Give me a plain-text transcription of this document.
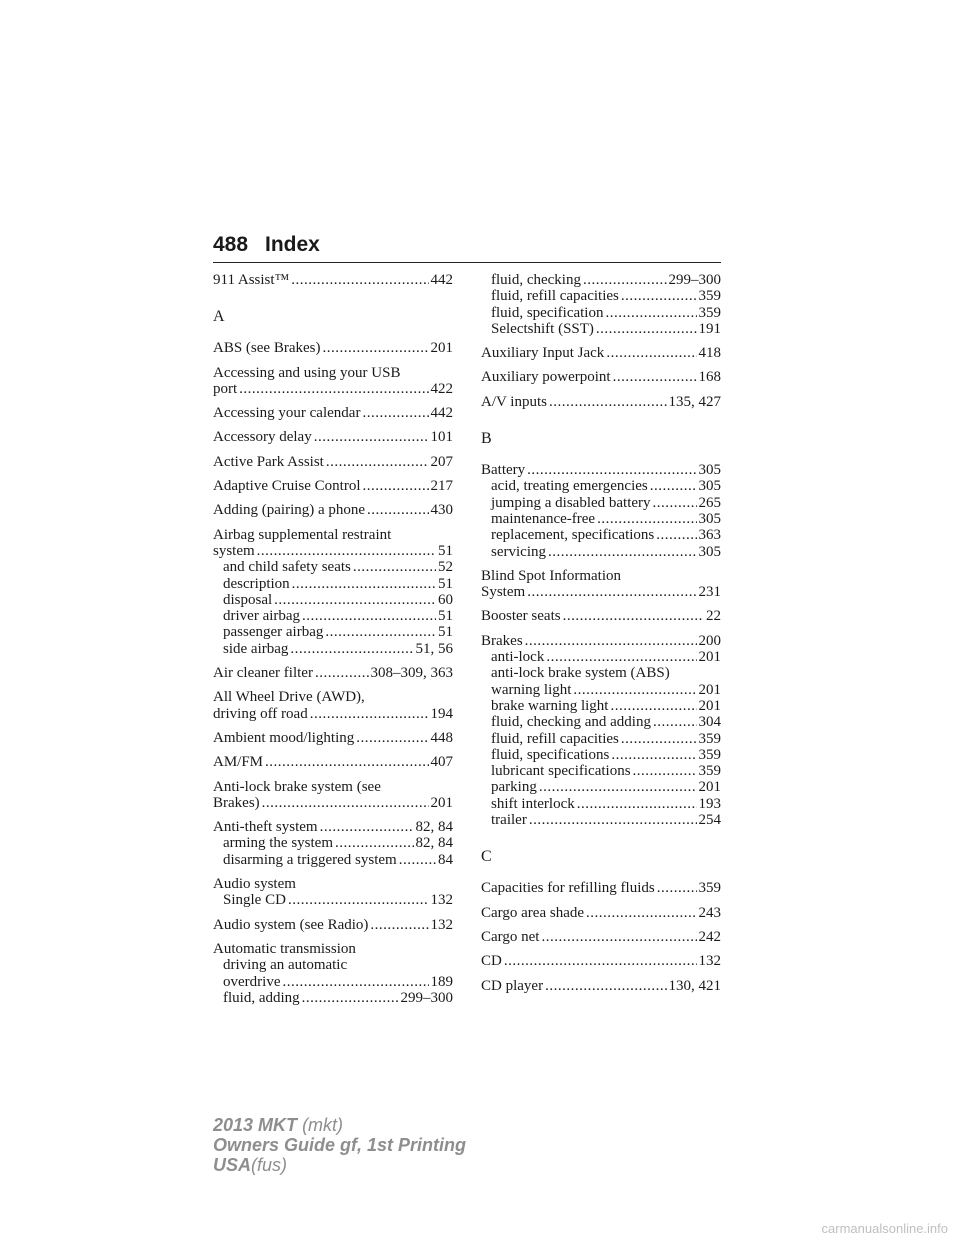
488 Index
911 Assist™ .....	442
A
ABS (see Brakes) .....	201
Accessing and using your USB
port .....	422
Accessing your calendar .....	442
Accessory delay .....	101
Active Park Assist .....	207
Adaptive Cruise Control .....	217
Adding (pairing) a phone .....	430
Airbag supplemental restraint
system .....	51
and child safety seats .....	52
description .....	51
disposal .....	60
driver airbag .....	51
passenger airbag .....	51
side airbag .....	51, 56
Air cleaner filter .....	308–309, 363
All Wheel Drive (AWD),
driving off road .....	194
Ambient mood/lighting .....	448
AM/FM .....	407
Anti-lock brake system (see
Brakes) .....	201
Anti-theft system .....	82, 84
arming the system .....	82, 84
disarming a triggered system .....	84
Audio system
Single CD .....	132
Audio system (see Radio) .....	132
Automatic transmission
driving an automatic
overdrive .....	189
fluid, adding .....	299–300
fluid, checking .....	299–300
fluid, refill capacities .....	359
fluid, specification .....	359
Selectshift (SST) .....	191
Auxiliary Input Jack .....	418
Auxiliary powerpoint .....	168
A/V inputs .....	135, 427
B
Battery .....	305
acid, treating emergencies .....	305
jumping a disabled battery .....	265
maintenance-free .....	305
replacement, specifications .....	363
servicing .....	305
Blind Spot Information
System .....	231
Booster seats .....	22
Brakes .....	200
anti-lock .....	201
anti-lock brake system (ABS)
warning light .....	201
brake warning light .....	201
fluid, checking and adding .....	304
fluid, refill capacities .....	359
fluid, specifications .....	359
lubricant specifications .....	359
parking .....	201
shift interlock .....	193
trailer .....	254
C
Capacities for refilling fluids .....	359
Cargo area shade .....	243
Cargo net .....	242
CD .....	132
CD player .....	130, 421
2013 MKT (mkt)
Owners Guide gf, 1st Printing
USA(fus)
carmanualsonline.info
